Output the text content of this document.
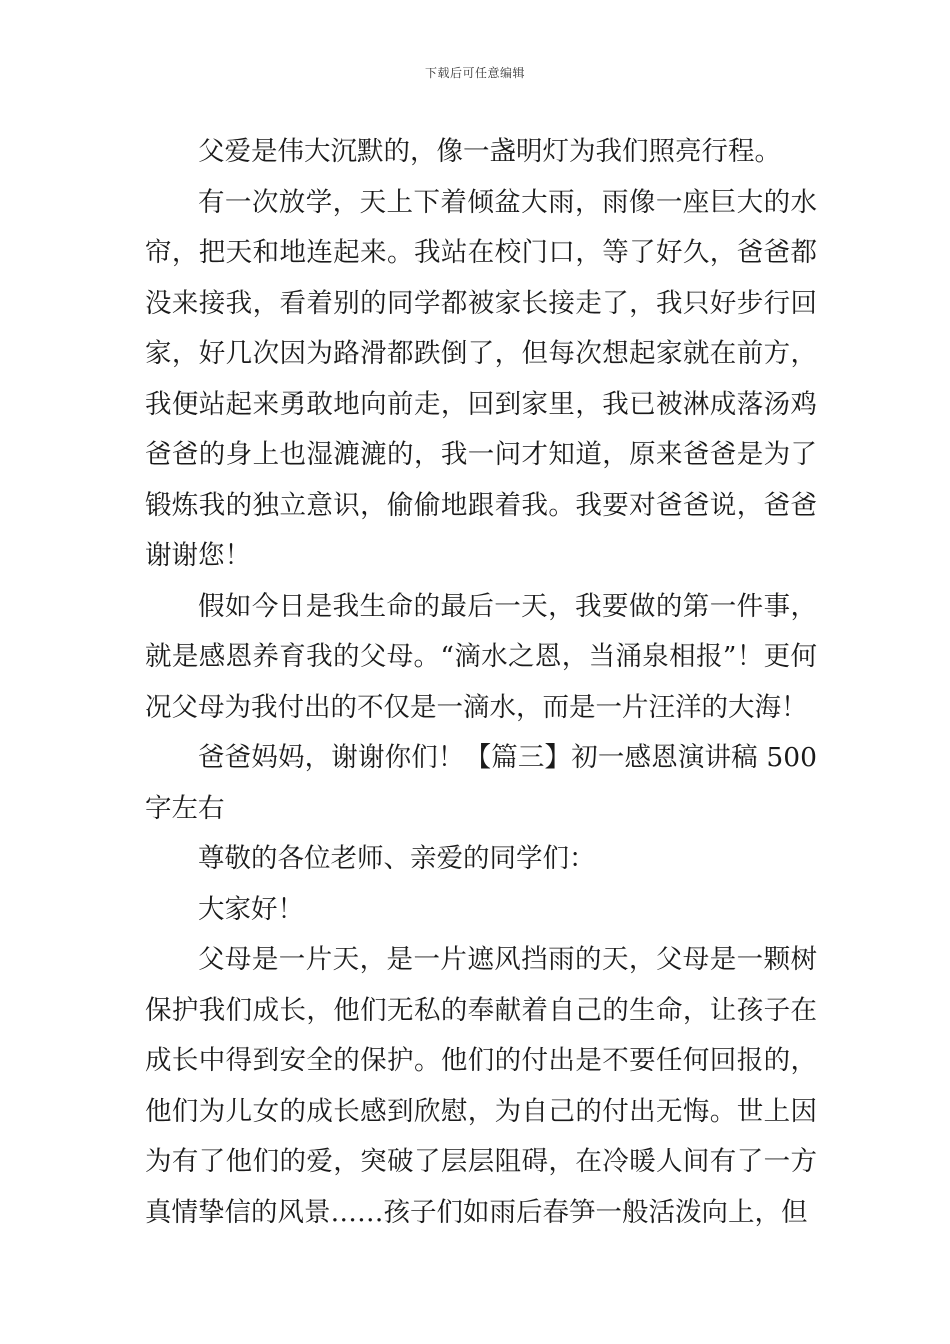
下载后可任意编辑

父爱是伟大沉默的，像一盏明灯为我们照亮行程。

有一次放学，天上下着倾盆大雨，雨像一座巨大的水帘，把天和地连起来。我站在校门口，等了好久，爸爸都没来接我，看着别的同学都被家长接走了，我只好步行回家，好几次因为路滑都跌倒了，但每次想起家就在前方，我便站起来勇敢地向前走，回到家里，我已被淋成落汤鸡爸爸的身上也湿漉漉的，我一问才知道，原来爸爸是为了锻炼我的独立意识，偷偷地跟着我。我要对爸爸说，爸爸谢谢您！

假如今日是我生命的最后一天，我要做的第一件事，就是感恩养育我的父母。“滴水之恩，当涌泉相报”！更何况父母为我付出的不仅是一滴水，而是一片汪洋的大海！

爸爸妈妈，谢谢你们！【篇三】初一感恩演讲稿 500 字左右

尊敬的各位老师、亲爱的同学们：

大家好！

父母是一片天，是一片遮风挡雨的天，父母是一颗树保护我们成长，他们无私的奉献着自己的生命，让孩子在成长中得到安全的保护。他们的付出是不要任何回报的，他们为儿女的成长感到欣慰，为自己的付出无悔。世上因为有了他们的爱，突破了层层阻碍，在冷暖人间有了一方真情挚信的风景……孩子们如雨后春笋一般活泼向上，但
